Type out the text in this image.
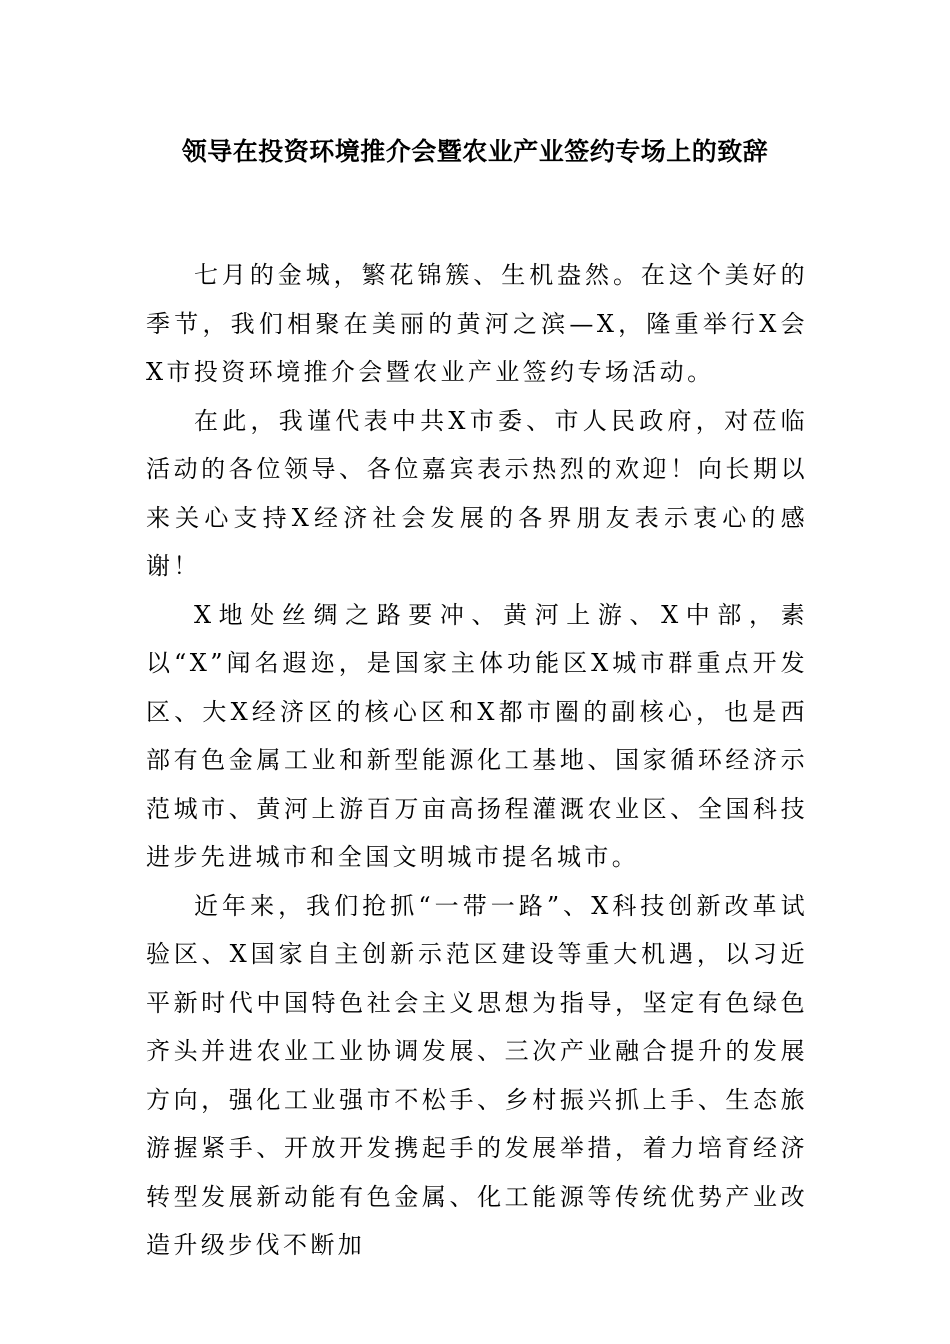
领导在投资环境推介会暨农业产业签约专场上的致辞

七月的金城，繁花锦簇、生机盎然。在这个美好的季节，我们相聚在美丽的黄河之滨—X，隆重举行X会X市投资环境推介会暨农业产业签约专场活动。

在此，我谨代表中共X市委、市人民政府，对莅临活动的各位领导、各位嘉宾表示热烈的欢迎！向长期以来关心支持X经济社会发展的各界朋友表示衷心的感谢！

X地处丝绸之路要冲、黄河上游、X中部，素以“X”闻名遐迩，是国家主体功能区X城市群重点开发区、大X经济区的核心区和X都市圈的副核心，也是西部有色金属工业和新型能源化工基地、国家循环经济示范城市、黄河上游百万亩高扬程灌溉农业区、全国科技进步先进城市和全国文明城市提名城市。

近年来，我们抢抓“一带一路”、X科技创新改革试验区、X国家自主创新示范区建设等重大机遇，以习近平新时代中国特色社会主义思想为指导，坚定有色绿色齐头并进农业工业协调发展、三次产业融合提升的发展方向，强化工业强市不松手、乡村振兴抓上手、生态旅游握紧手、开放开发携起手的发展举措，着力培育经济转型发展新动能有色金属、化工能源等传统优势产业改造升级步伐不断加
